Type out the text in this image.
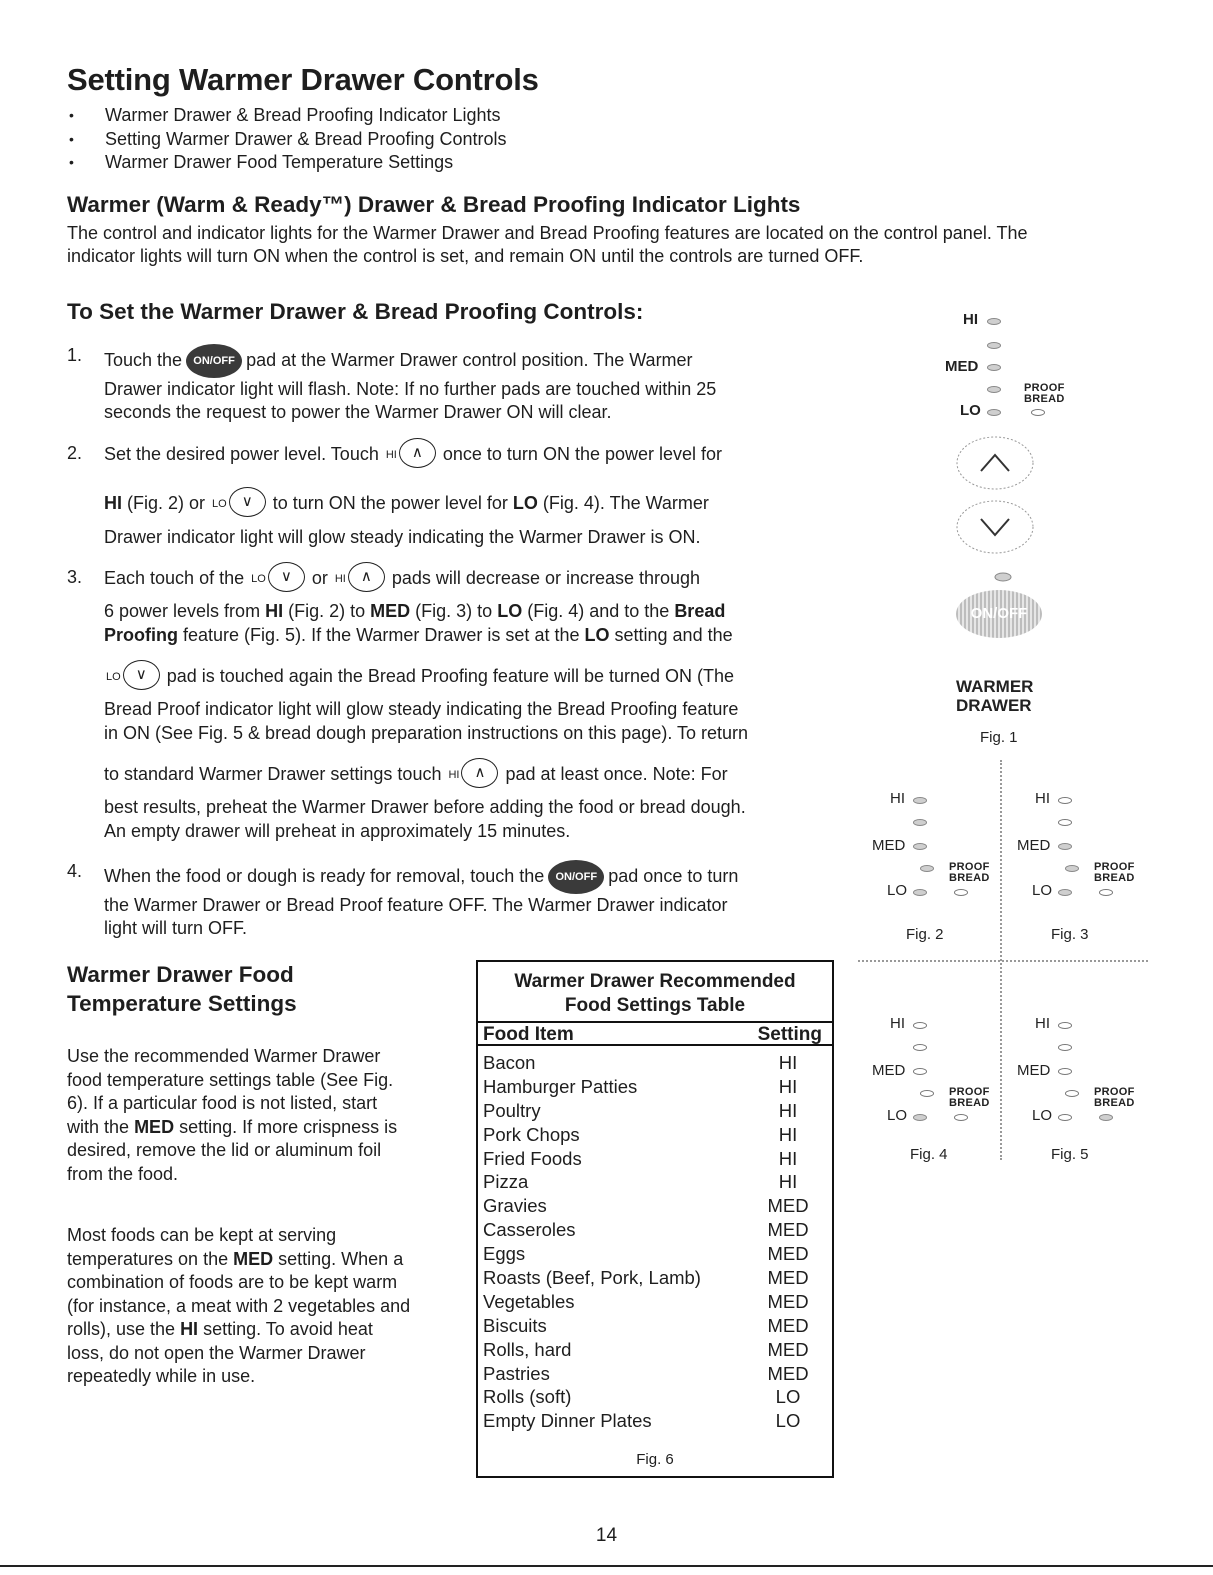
Setting Warmer Drawer Controls
• Warmer Drawer & Bread Proofing Indicator Lights
• Setting Warmer Drawer & Bread Proofing Controls
• Warmer Drawer Food Temperature Settings
Warmer (Warm & Ready™) Drawer & Bread Proofing Indicator Lights
The control and indicator lights for the Warmer Drawer and Bread Proofing features are located on the control panel. The
indicator lights will turn ON when the control is set, and remain ON until the controls are turned OFF.
To Set the Warmer Drawer & Bread Proofing Controls:
1. Touch the ON/OFF pad at the Warmer Drawer control position. The Warmer
Drawer indicator light will flash. Note: If no further pads are touched within 25
seconds the request to power the Warmer Drawer ON will clear.
2. Set the desired power level. Touch HI ∧ once to turn ON the power level for
HI (Fig. 2) or LO ∨ to turn ON the power level for LO (Fig. 4). The Warmer
Drawer indicator light will glow steady indicating the Warmer Drawer is ON.
3. Each touch of the LO ∨ or HI ∧ pads will decrease or increase through
6 power levels from HI (Fig. 2) to MED (Fig. 3) to LO (Fig. 4) and to the Bread
Proofing feature (Fig. 5). If the Warmer Drawer is set at the LO setting and the
LO ∨ pad is touched again the Bread Proofing feature will be turned ON (The
Bread Proof indicator light will glow steady indicating the Bread Proofing feature
in ON (See Fig. 5 & bread dough preparation instructions on this page). To return
to standard Warmer Drawer settings touch HI ∧ pad at least once. Note: For
best results, preheat the Warmer Drawer before adding the food or bread dough.
An empty drawer will preheat in approximately 15 minutes.
4. When the food or dough is ready for removal, touch the ON/OFF pad once to turn
the Warmer Drawer or Bread Proof feature OFF. The Warmer Drawer indicator
light will turn OFF.
Warmer Drawer Food
Temperature Settings
Use the recommended Warmer Drawer
food temperature settings table (See Fig.
6). If a particular food is not listed, start
with the MED setting. If more crispness is
desired, remove the lid or aluminum foil
from the food.
Most foods can be kept at serving
temperatures on the MED setting. When a
combination of foods are to be kept warm
(for instance, a meat with 2 vegetables and
rolls), use the HI setting. To avoid heat
loss, do not open the Warmer Drawer
repeatedly while in use.
Warmer Drawer Recommended
Food Settings Table
Food Item	Setting
Bacon	HI
Hamburger Patties	HI
Poultry	HI
Pork Chops	HI
Fried Foods	HI
Pizza	HI
Gravies	MED
Casseroles	MED
Eggs	MED
Roasts (Beef, Pork, Lamb)	MED
Vegetables	MED
Biscuits	MED
Rolls, hard	MED
Pastries	MED
Rolls (soft)	LO
Empty Dinner Plates	LO
Fig. 6
HI
MED
PROOF
BREAD
LO
ON/OFF
WARMER
DRAWER
Fig. 1
HI
MED
PROOF
BREAD
LO
Fig. 2
HI
MED
PROOF
BREAD
LO
Fig. 3
HI
MED
PROOF
BREAD
LO
Fig. 4
HI
MED
PROOF
BREAD
LO
Fig. 5
14
